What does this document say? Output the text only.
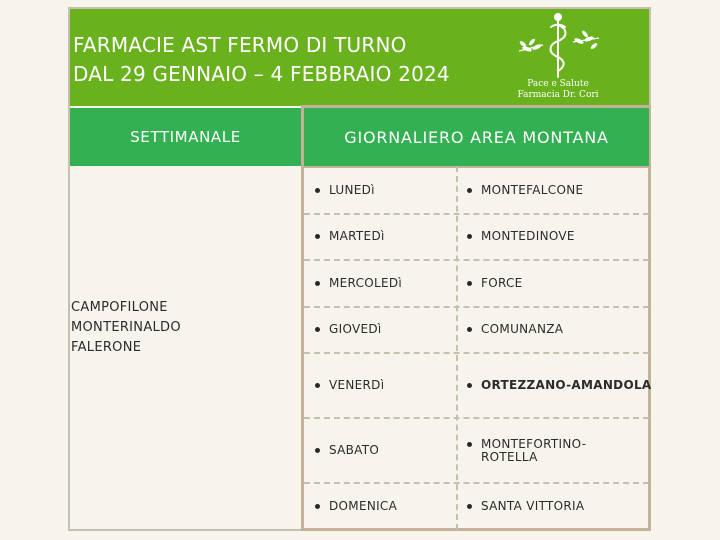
FARMACIE AST FERMO DI TURNO
DAL 29 GENNAIO – 4 FEBBRAIO 2024	Pace e Salute
Farmacia Dr. Cori
SETTIMANALE	GIORNALIERO AREA MONTANA
CAMPOFILONE
MONTERINALDO
FALERONE
LUNEDì	MONTEFALCONE
MARTEDì	MONTEDINOVE
MERCOLEDì	FORCE
GIOVEDì	COMUNANZA
VENERDì	ORTEZZANO-AMANDOLA
SABATO	MONTEFORTINO-
ROTELLA
DOMENICA	SANTA VITTORIA
